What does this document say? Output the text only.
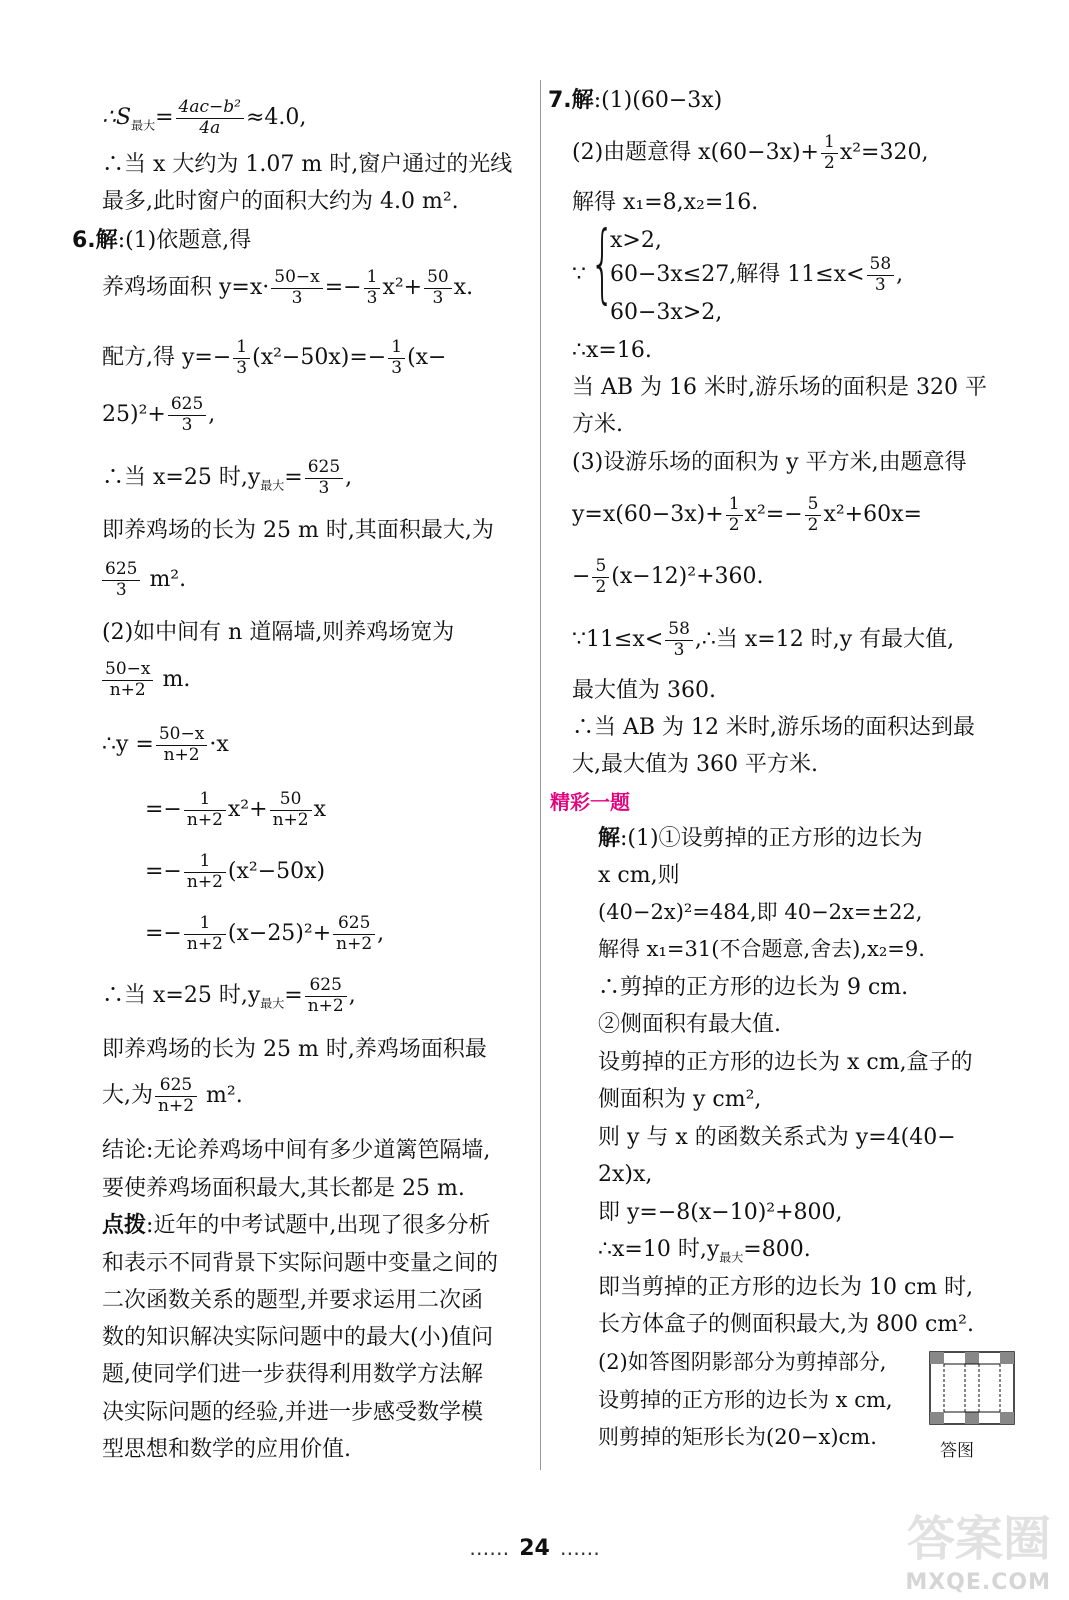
$\therefore S_{最大}= \frac{\text{4ac−b²}}{4a} \approx 4.0$,
∴当 x 大约为 1.07 m 时,窗户通过的光线
最多,此时窗户的面积大约为 4.0 m².
6.解:(1)依题意,得
养鸡场面积 $y=x\cdot \frac{50-x}{3} =- \frac{1}{3} x^2+ \frac{50}{3} x$.
配方,得 $y=- \frac{1}{3} (x^2-50x)=- \frac{1}{3} (x-$
$25)^2+ \frac{625}{3}$ ,
∴当 x=25 时$,y_{最大}= \frac{625}{3}$ ,
即养鸡场的长为 25 m 时,其面积最大,为
$\frac{625}{3} m^2$.
(2)如中间有 n 道隔墙,则养鸡场宽为
$\frac{50-x}{n+2} m$.
∴y = $\frac{50-x}{n+2} \cdot x$
=− $\frac{1}{n+2} x^2+ \frac{50}{n+2}$ x
=− $\frac{1}{n+2} (x^2-50x)$
=− $\frac{1}{n+2} (x-25)^2+ \frac{625}{n+2}$ ,
∴当 x=25 时$,y_{最大}= \frac{625}{n+2}$ ,
即养鸡场的长为 25 m 时,养鸡场面积最
大,为 $\frac{625}{n+2} m^2$.
结论:无论养鸡场中间有多少道篱笆隔墙,
要使养鸡场面积最大,其长都是 25 m.
点拨:近年的中考试题中,出现了很多分析
和表示不同背景下实际问题中变量之间的
二次函数关系的题型,并要求运用二次函
数的知识解决实际问题中的最大(小)值问
题,使同学们进一步获得利用数学方法解
决实际问题的经验,并进一步感受数学模
型思想和数学的应用价值.
7.解:(1)(60−3x)
(2)由题意得 $x(60-3x)+ \frac{1}{2} x^2=320$,
解得 x₁=8,x₂=16.
∵ {
x>2,
60−3x≤27,解得 $11\le x< \frac{58}{3}$ ,
60−3x>2,
∴x=16.
当 AB 为 16 米时,游乐场的面积是 320 平
方米.
(3)设游乐场的面积为 y 平方米,由题意得
$y=x(60-3x)+ \frac{1}{2} x^2=- \frac{5}{2} x^2+60x=$
− $\frac{5}{2} (x-12)^2+360$.
∵11≤x< $\frac{58}{3}$ ,∴当 x=12 时,y 有最大值,
最大值为 360.
∴当 AB 为 12 米时,游乐场的面积达到最
大,最大值为 360 平方米.
精彩一题
解:(1)①设剪掉的正方形的边长为
x cm,则
(40−2x)²=484,即 40−2x=±22,
解得 x₁=31(不合题意,舍去),x₂=9.
∴剪掉的正方形的边长为 9 cm.
②侧面积有最大值.
设剪掉的正方形的边长为 x cm,盒子的
侧面积为 y cm²,
则 y 与 x 的函数关系式为 y=4(40−
2x)x,
即 y=−8(x−10)²+800,
∴x=10 时$,y_{最大}=800$.
即当剪掉的正方形的边长为 10 cm 时,
长方体盒子的侧面积最大,为 800 cm².
(2)如答图阴影部分为剪掉部分,
设剪掉的正方形的边长为 x cm,
则剪掉的矩形长为(20−x)cm.
答图
…… 24 ……	答案圈
MXQE.COM
